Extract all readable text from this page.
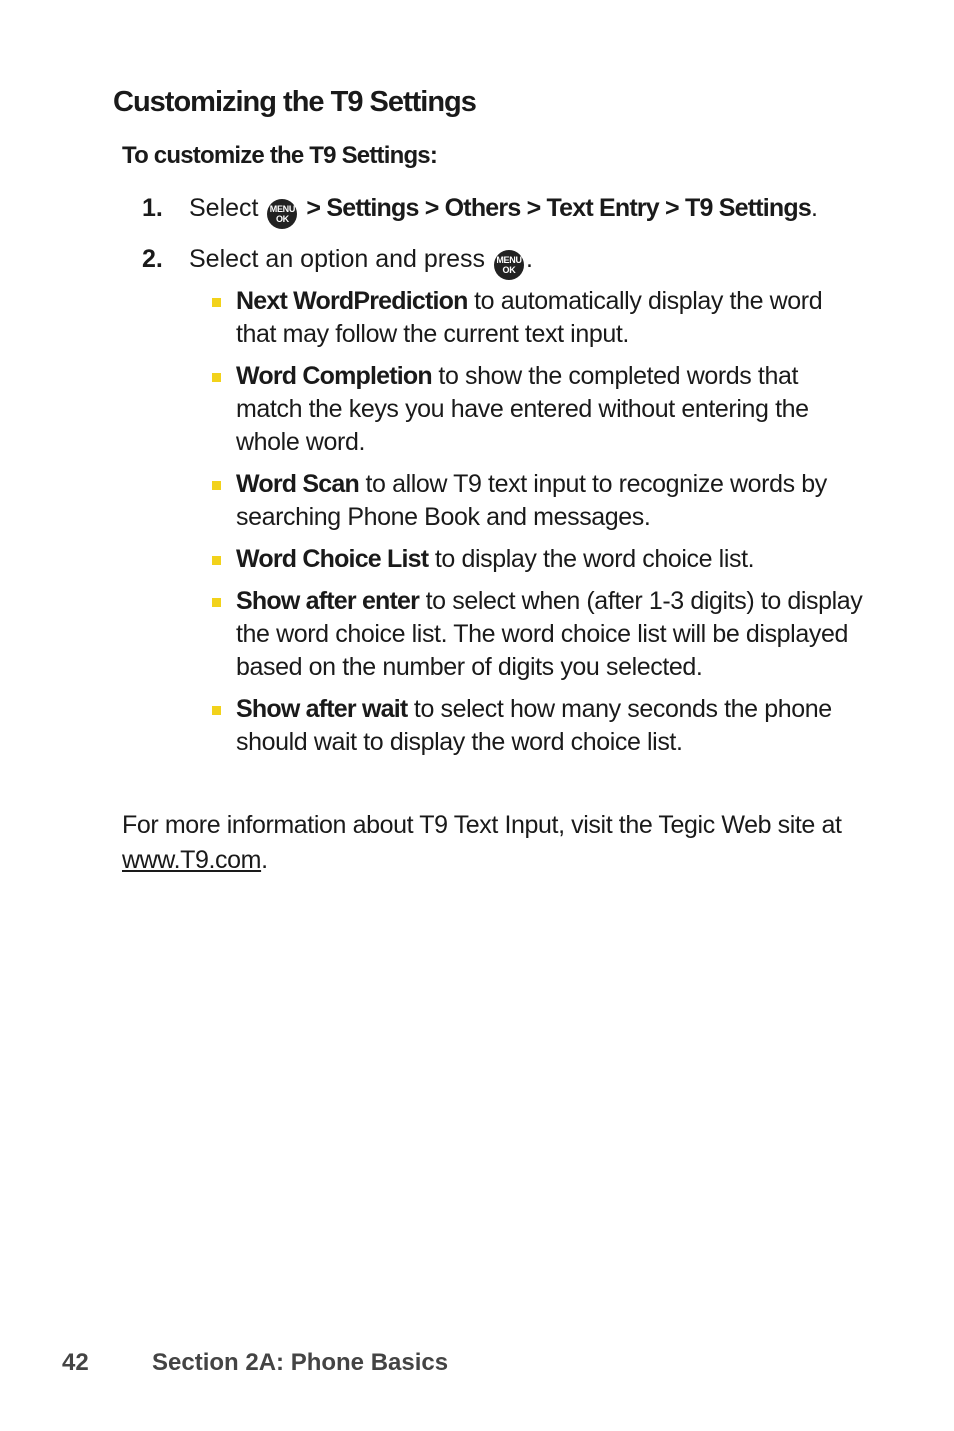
Customizing the T9 Settings
To customize the T9 Settings:
1. Select MENU
OK > Settings > Others > Text Entry > T9 Settings.
2. Select an option and press MENU
OK .
Next WordPrediction to automatically display the word that may follow the current text input.
Word Completion to show the completed words that match the keys you have entered without entering the whole word.
Word Scan to allow T9 text input to recognize words by searching Phone Book and messages.
Word Choice List to display the word choice list.
Show after enter to select when (after 1-3 digits) to display the word choice list. The word choice list will be displayed based on the number of digits you selected.
Show after wait to select how many seconds the phone should wait to display the word choice list.

For more information about T9 Text Input, visit the Tegic Web site at www.T9.com.

42	Section 2A: Phone Basics
